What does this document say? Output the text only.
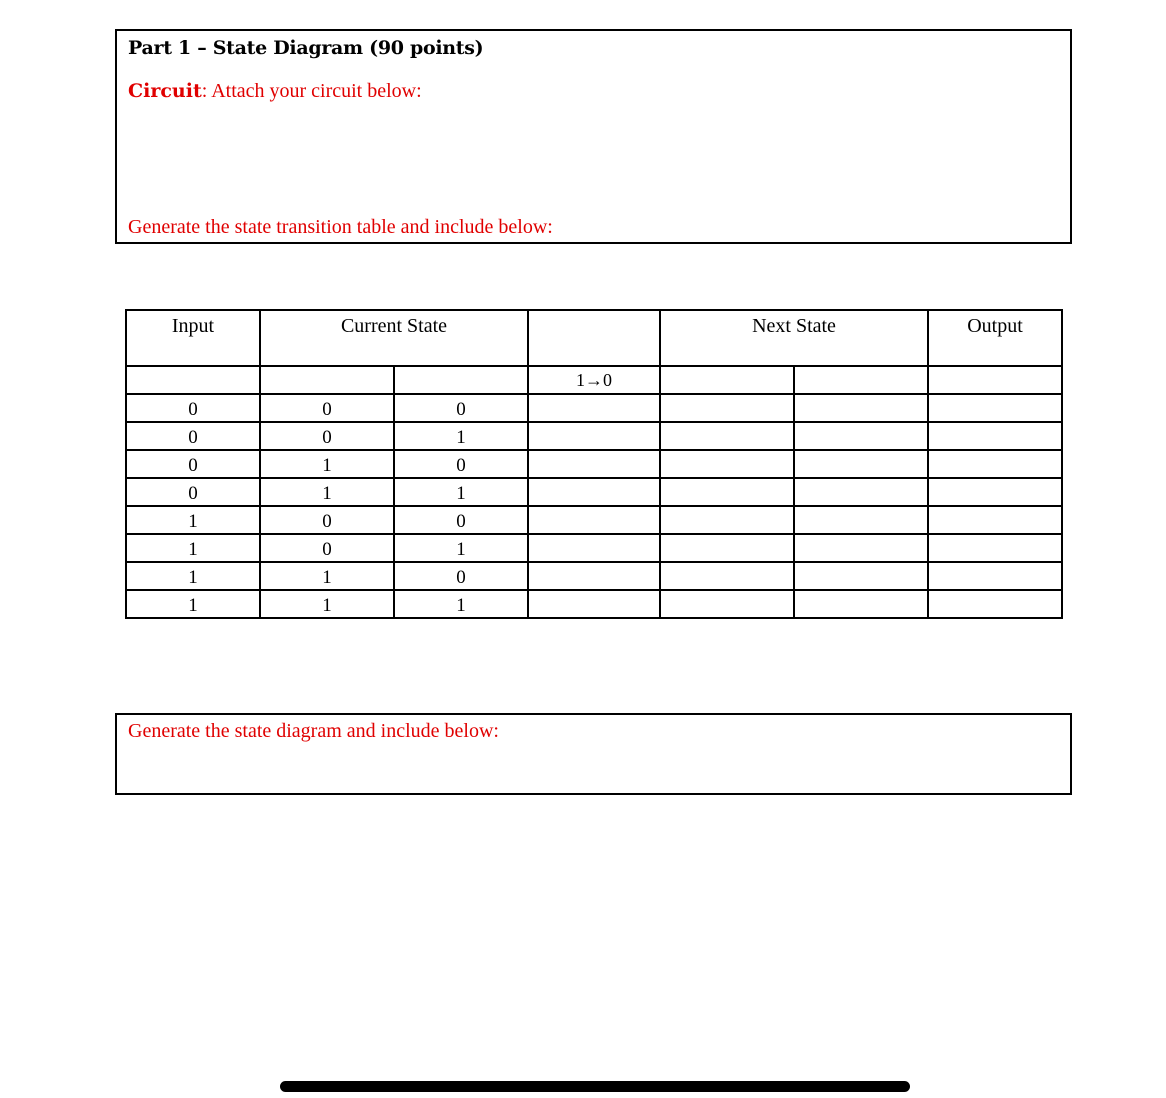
Part 1 – State Diagram (90 points)
Circuit: Attach your circuit below:
Generate the state transition table and include below:
Input	Current State			Next State		Output
			1→0			
0	0	0				
0	0	1				
0	1	0				
0	1	1				
1	0	0				
1	0	1				
1	1	0				
1	1	1				
Generate the state diagram and include below:
